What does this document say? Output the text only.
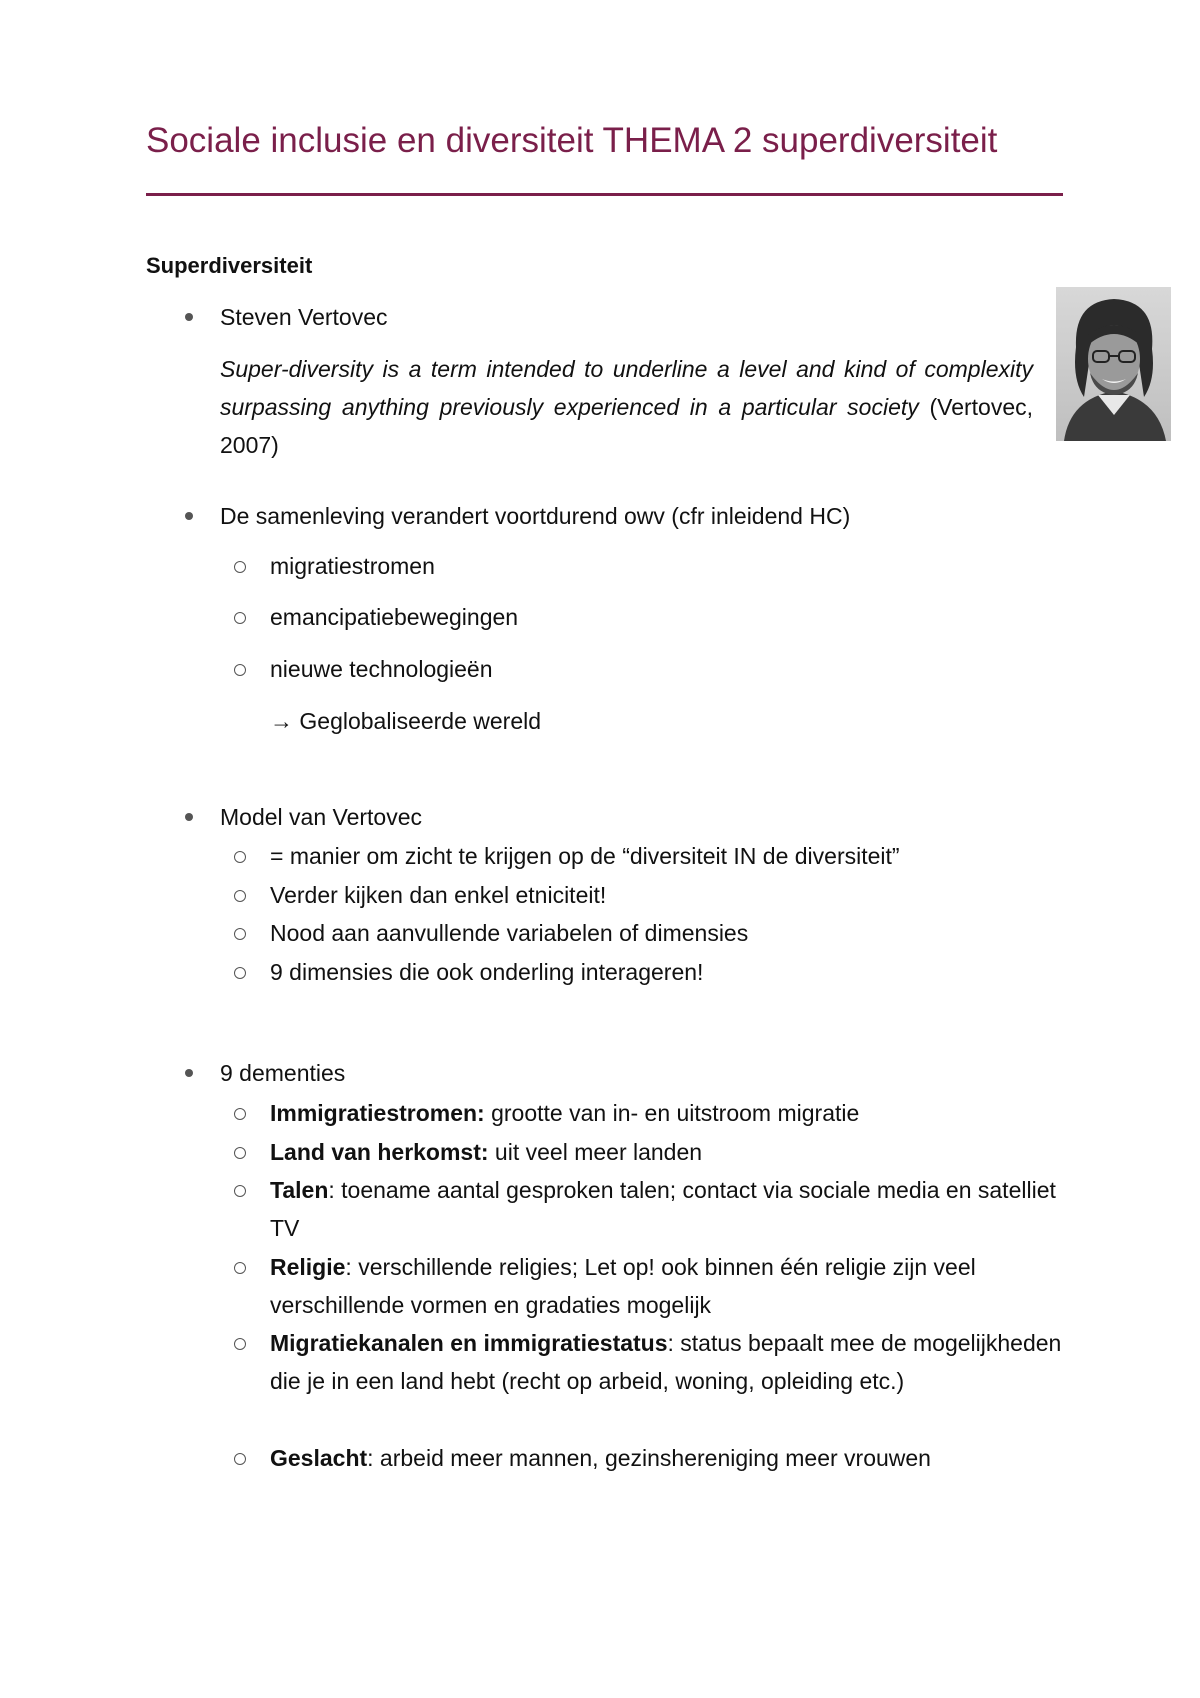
Sociale inclusie en diversiteit THEMA 2 superdiversiteit
Superdiversiteit
Steven Vertovec
Super-diversity is a term intended to underline a level and kind of complexity surpassing anything previously experienced in a particular society (Vertovec, 2007)
De samenleving verandert voortdurend owv (cfr inleidend HC)
migratiestromen
emancipatiebewegingen
nieuwe technologieën
→ Geglobaliseerde wereld
Model van Vertovec
= manier om zicht te krijgen op de “diversiteit IN de diversiteit”
Verder kijken dan enkel etniciteit!
Nood aan aanvullende variabelen of dimensies
9 dimensies die ook onderling interageren!
9 dementies
Immigratiestromen: grootte van in- en uitstroom migratie
Land van herkomst: uit veel meer landen
Talen: toename aantal gesproken talen; contact via sociale media en satelliet TV
Religie: verschillende religies; Let op! ook binnen één religie zijn veel verschillende vormen en gradaties mogelijk
Migratiekanalen en immigratiestatus: status bepaalt mee de mogelijkheden die je in een land hebt (recht op arbeid, woning, opleiding etc.)
Geslacht: arbeid meer mannen, gezinshereniging meer vrouwen
